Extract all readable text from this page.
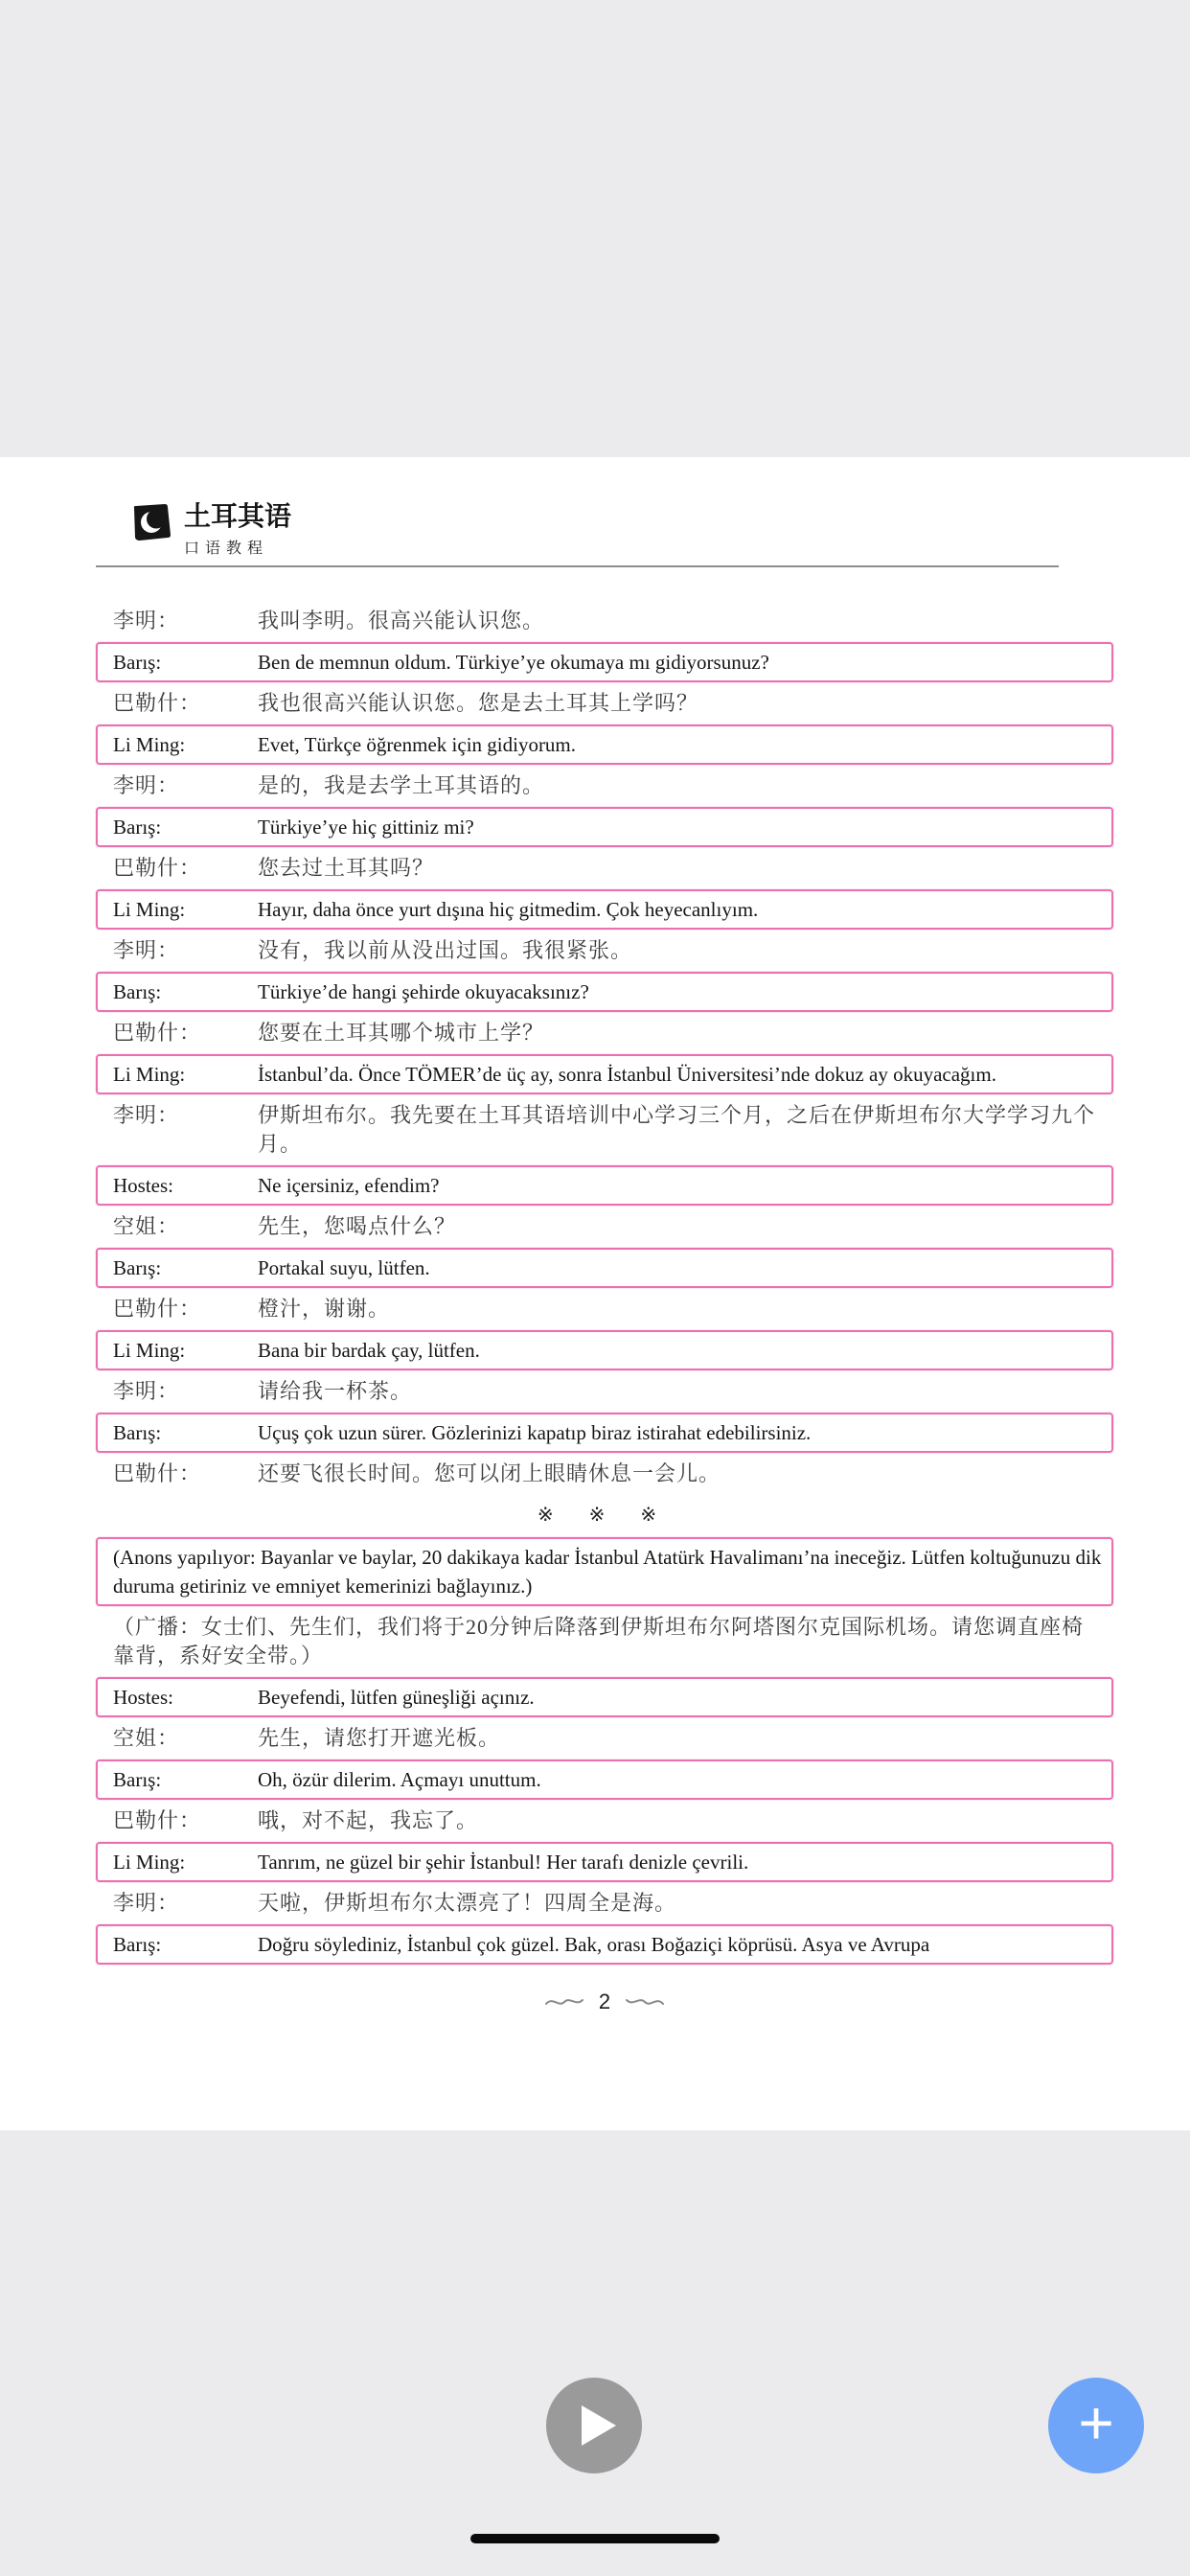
土耳其语
口语教程
李明：	我叫李明。很高兴能认识您。
Barış:	Ben de memnun oldum. Türkiye’ye okumaya mı gidiyorsunuz?
巴勒什：	我也很高兴能认识您。您是去土耳其上学吗？
Li Ming:	Evet, Türkçe öğrenmek için gidiyorum.
李明：	是的，我是去学土耳其语的。
Barış:	Türkiye’ye hiç gittiniz mi?
巴勒什：	您去过土耳其吗？
Li Ming:	Hayır, daha önce yurt dışına hiç gitmedim. Çok heyecanlıyım.
李明：	没有，我以前从没出过国。我很紧张。
Barış:	Türkiye’de hangi şehirde okuyacaksınız?
巴勒什：	您要在土耳其哪个城市上学？
Li Ming:	İstanbul’da. Önce TÖMER’de üç ay, sonra İstanbul Üniversitesi’nde dokuz ay okuyacağım.
李明：	伊斯坦布尔。我先要在土耳其语培训中心学习三个月，之后在伊斯坦布尔大学学习九个月。
Hostes:	Ne içersiniz, efendim?
空姐：	先生，您喝点什么？
Barış:	Portakal suyu, lütfen.
巴勒什：	橙汁，谢谢。
Li Ming:	Bana bir bardak çay, lütfen.
李明：	请给我一杯茶。
Barış:	Uçuş çok uzun sürer. Gözlerinizi kapatıp biraz istirahat edebilirsiniz.
巴勒什：	还要飞很长时间。您可以闭上眼睛休息一会儿。
※ ※ ※
(Anons yapılıyor: Bayanlar ve baylar, 20 dakikaya kadar İstanbul Atatürk Havalimanı’na ineceğiz. Lütfen koltuğunuzu dik duruma getiriniz ve emniyet kemerinizi bağlayınız.)
（广播：女士们、先生们，我们将于20分钟后降落到伊斯坦布尔阿塔图尔克国际机场。请您调直座椅靠背，系好安全带。）
Hostes:	Beyefendi, lütfen güneşliği açınız.
空姐：	先生，请您打开遮光板。
Barış:	Oh, özür dilerim. Açmayı unuttum.
巴勒什：	哦，对不起，我忘了。
Li Ming:	Tanrım, ne güzel bir şehir İstanbul! Her tarafı denizle çevrili.
李明：	天啦，伊斯坦布尔太漂亮了！四周全是海。
Barış:	Doğru söylediniz, İstanbul çok güzel. Bak, orası Boğaziçi köprüsü. Asya ve Avrupa
2
+
